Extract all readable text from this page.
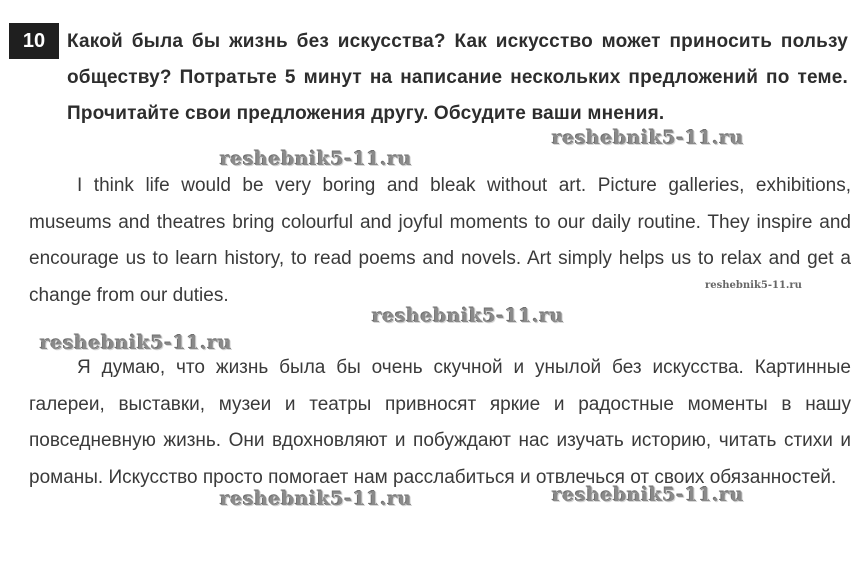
10	Какой была бы жизнь без искусства? Как искусство может приносить пользу обществу? Потратьте 5 минут на написание нескольких предложений по теме. Прочитайте свои предложения другу. Обсудите ваши мнения.
I think life would be very boring and bleak without art. Picture galleries, exhibitions, museums and theatres bring colourful and joyful moments to our daily routine. They inspire and encourage us to learn history, to read poems and novels. Art simply helps us to relax and get a change from our duties.
Я думаю, что жизнь была бы очень скучной и унылой без искусства. Картинные галереи, выставки, музеи и театры привносят яркие и радостные моменты в нашу повседневную жизнь. Они вдохновляют и побуждают нас изучать историю, читать стихи и романы. Искусство просто помогает нам расслабиться и отвлечься от своих обязанностей.
reshebnik5-11.ru
reshebnik5-11.ru
reshebnik5-11.ru
reshebnik5-11.ru
reshebnik5-11.ru
reshebnik5-11.ru
reshebnik5-11.ru
